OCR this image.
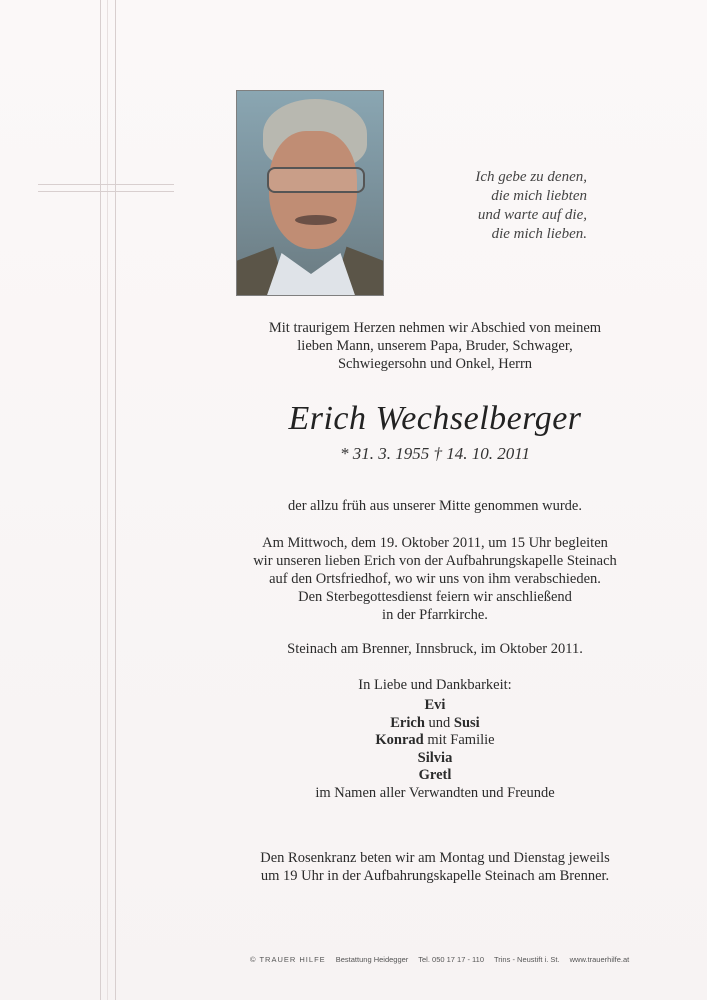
Ich gebe zu denen,
die mich liebten
und warte auf die,
die mich lieben.
Mit traurigem Herzen nehmen wir Abschied von meinem
lieben Mann, unserem Papa, Bruder, Schwager,
Schwiegersohn und Onkel, Herrn
Erich Wechselberger
* 31. 3. 1955 † 14. 10. 2011
der allzu früh aus unserer Mitte genommen wurde.
Am Mittwoch, dem 19. Oktober 2011, um 15 Uhr begleiten
wir unseren lieben Erich von der Aufbahrungskapelle Steinach
auf den Ortsfriedhof, wo wir uns von ihm verabschieden.
Den Sterbegottesdienst feiern wir anschließend
in der Pfarrkirche.
Steinach am Brenner, Innsbruck, im Oktober 2011.
In Liebe und Dankbarkeit:
Evi
Erich und Susi
Konrad mit Familie
Silvia
Gretl
im Namen aller Verwandten und Freunde
Den Rosenkranz beten wir am Montag und Dienstag jeweils
um 19 Uhr in der Aufbahrungskapelle Steinach am Brenner.
© TRAUER HILFE Bestattung Heidegger Tel. 050 17 17 - 110 Trins - Neustift i. St. www.trauerhilfe.at
